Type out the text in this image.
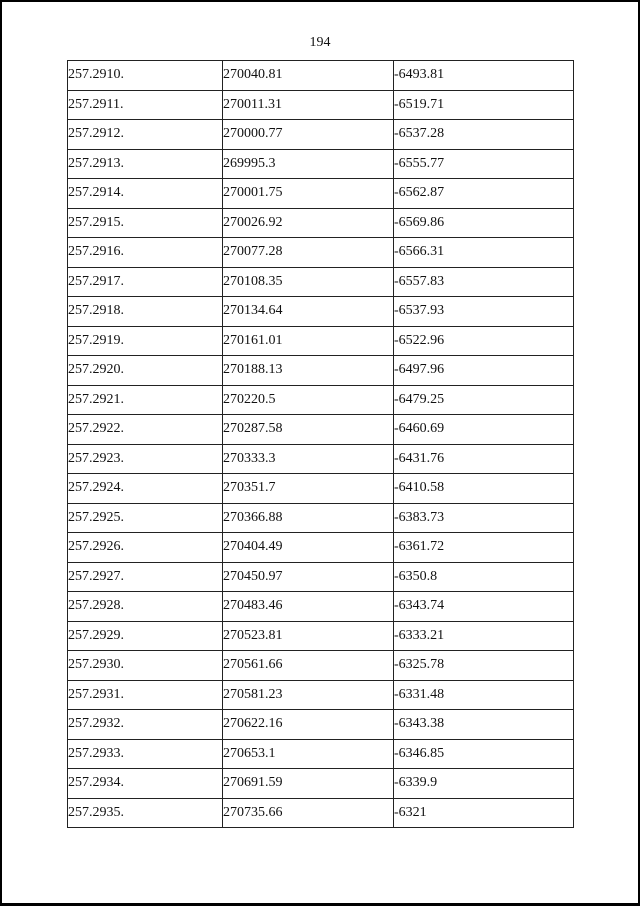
194
257.2910.	270040.81	-6493.81
257.2911.	270011.31	-6519.71
257.2912.	270000.77	-6537.28
257.2913.	269995.3	-6555.77
257.2914.	270001.75	-6562.87
257.2915.	270026.92	-6569.86
257.2916.	270077.28	-6566.31
257.2917.	270108.35	-6557.83
257.2918.	270134.64	-6537.93
257.2919.	270161.01	-6522.96
257.2920.	270188.13	-6497.96
257.2921.	270220.5	-6479.25
257.2922.	270287.58	-6460.69
257.2923.	270333.3	-6431.76
257.2924.	270351.7	-6410.58
257.2925.	270366.88	-6383.73
257.2926.	270404.49	-6361.72
257.2927.	270450.97	-6350.8
257.2928.	270483.46	-6343.74
257.2929.	270523.81	-6333.21
257.2930.	270561.66	-6325.78
257.2931.	270581.23	-6331.48
257.2932.	270622.16	-6343.38
257.2933.	270653.1	-6346.85
257.2934.	270691.59	-6339.9
257.2935.	270735.66	-6321
